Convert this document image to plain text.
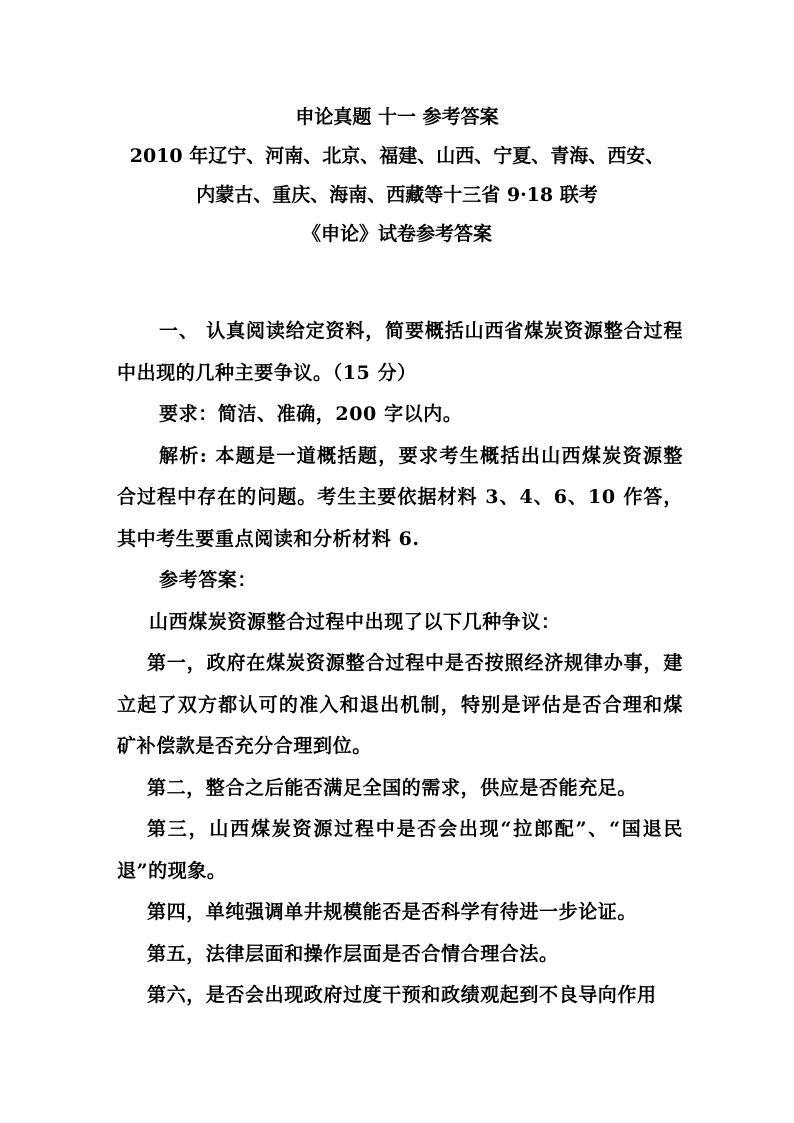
申论真题 十一 参考答案
2010 年辽宁、河南、北京、福建、山西、宁夏、青海、西安、
内蒙古、重庆、海南、西藏等十三省 9·18 联考
《申论》试卷参考答案

一、 认真阅读给定资料，简要概括山西省煤炭资源整合过程中出现的几种主要争议。（15 分）

要求：简洁、准确，200 字以内。

解析: 本题是一道概括题，要求考生概括出山西煤炭资源整合过程中存在的问题。考生主要依据材料 3、4、6、10 作答，其中考生要重点阅读和分析材料 6.

参考答案：

山西煤炭资源整合过程中出现了以下几种争议：

第一，政府在煤炭资源整合过程中是否按照经济规律办事，建立起了双方都认可的准入和退出机制，特别是评估是否合理和煤矿补偿款是否充分合理到位。

第二，整合之后能否满足全国的需求，供应是否能充足。

第三，山西煤炭资源过程中是否会出现“拉郎配”、“国退民退”的现象。

第四，单纯强调单井规模能否是否科学有待进一步论证。

第五，法律层面和操作层面是否合情合理合法。

第六，是否会出现政府过度干预和政绩观起到不良导向作用
